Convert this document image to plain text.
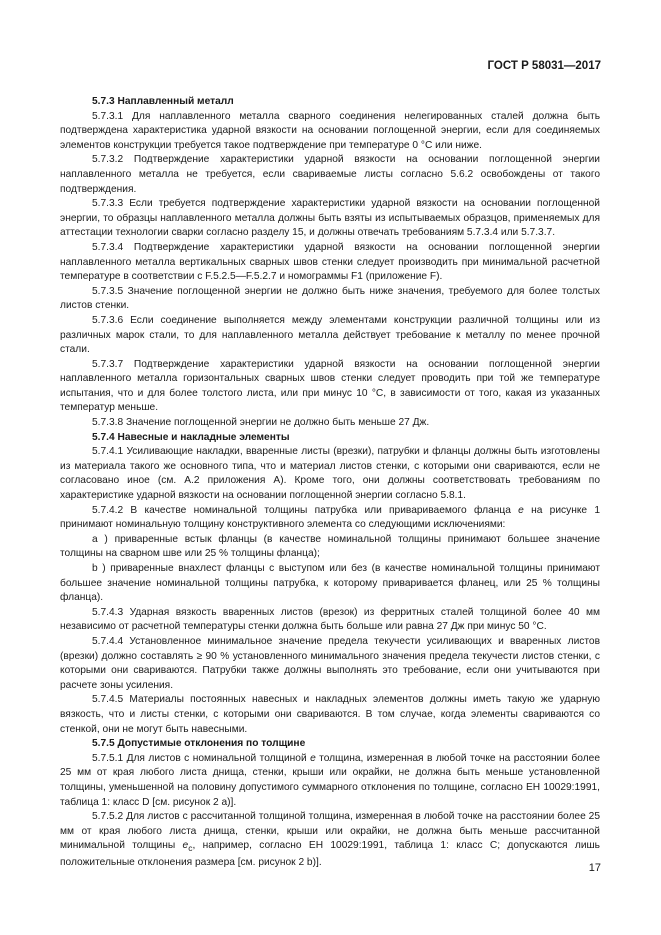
ГОСТ Р 58031—2017
5.7.3 Наплавленный металл

5.7.3.1 Для наплавленного металла сварного соединения нелегированных сталей должна быть подтверждена характеристика ударной вязкости на основании поглощенной энергии, если для соединяемых элементов конструкции требуется такое подтверждение при температуре 0 °С или ниже.

5.7.3.2 Подтверждение характеристики ударной вязкости на основании поглощенной энергии наплавленного металла не требуется, если свариваемые листы согласно 5.6.2 освобождены от такого подтверждения.

5.7.3.3 Если требуется подтверждение характеристики ударной вязкости на основании поглощенной энергии, то образцы наплавленного металла должны быть взяты из испытываемых образцов, применяемых для аттестации технологии сварки согласно разделу 15, и должны отвечать требованиям 5.7.3.4 или 5.7.3.7.

5.7.3.4 Подтверждение характеристики ударной вязкости на основании поглощенной энергии наплавленного металла вертикальных сварных швов стенки следует производить при минимальной расчетной температуре в соответствии с F.5.2.5—F.5.2.7 и номограммы F1 (приложение F).

5.7.3.5 Значение поглощенной энергии не должно быть ниже значения, требуемого для более толстых листов стенки.

5.7.3.6 Если соединение выполняется между элементами конструкции различной толщины или из различных марок стали, то для наплавленного металла действует требование к металлу по менее прочной стали.

5.7.3.7 Подтверждение характеристики ударной вязкости на основании поглощенной энергии наплавленного металла горизонтальных сварных швов стенки следует проводить при той же температуре испытания, что и для более толстого листа, или при минус 10 °С, в зависимости от того, какая из указанных температур меньше.

5.7.3.8 Значение поглощенной энергии не должно быть меньше 27 Дж.

5.7.4 Навесные и накладные элементы

5.7.4.1 Усиливающие накладки, вваренные листы (врезки), патрубки и фланцы должны быть изготовлены из материала такого же основного типа, что и материал листов стенки, с которыми они свариваются, если не согласовано иное (см. А.2 приложения А). Кроме того, они должны соответствовать требованиям по характеристике ударной вязкости на основании поглощенной энергии согласно 5.8.1.

5.7.4.2 В качестве номинальной толщины патрубка или привариваемого фланца e на рисунке 1 принимают номинальную толщину конструктивного элемента со следующими исключениями:

а ) приваренные встык фланцы (в качестве номинальной толщины принимают большее значение толщины на сварном шве или 25 % толщины фланца);

b ) приваренные внахлест фланцы с выступом или без (в качестве номинальной толщины принимают большее значение номинальной толщины патрубка, к которому приваривается фланец, или 25 % толщины фланца).

5.7.4.3 Ударная вязкость вваренных листов (врезок) из ферритных сталей толщиной более 40 мм независимо от расчетной температуры стенки должна быть больше или равна 27 Дж при минус 50 °С.

5.7.4.4 Установленное минимальное значение предела текучести усиливающих и вваренных листов (врезки) должно составлять ≥ 90 % установленного минимального значения предела текучести листов стенки, с которыми они свариваются. Патрубки также должны выполнять это требование, если они учитываются при расчете зоны усиления.

5.7.4.5 Материалы постоянных навесных и накладных элементов должны иметь такую же ударную вязкость, что и листы стенки, с которыми они свариваются. В том случае, когда элементы свариваются со стенкой, они не могут быть навесными.

5.7.5 Допустимые отклонения по толщине

5.7.5.1 Для листов с номинальной толщиной e толщина, измеренная в любой точке на расстоянии более 25 мм от края любого листа днища, стенки, крыши или окрайки, не должна быть меньше установленной толщины, уменьшенной на половину допустимого суммарного отклонения по толщине, согласно ЕН 10029:1991, таблица 1: класс D [см. рисунок 2 а)].

5.7.5.2 Для листов с рассчитанной толщиной толщина, измеренная в любой точке на расстоянии более 25 мм от края любого листа днища, стенки, крыши или окрайки, не должна быть меньше рассчитанной минимальной толщины $e_c$, например, согласно ЕН 10029:1991, таблица 1: класс С; допускаются лишь положительные отклонения размера [см. рисунок 2 b)].	17
